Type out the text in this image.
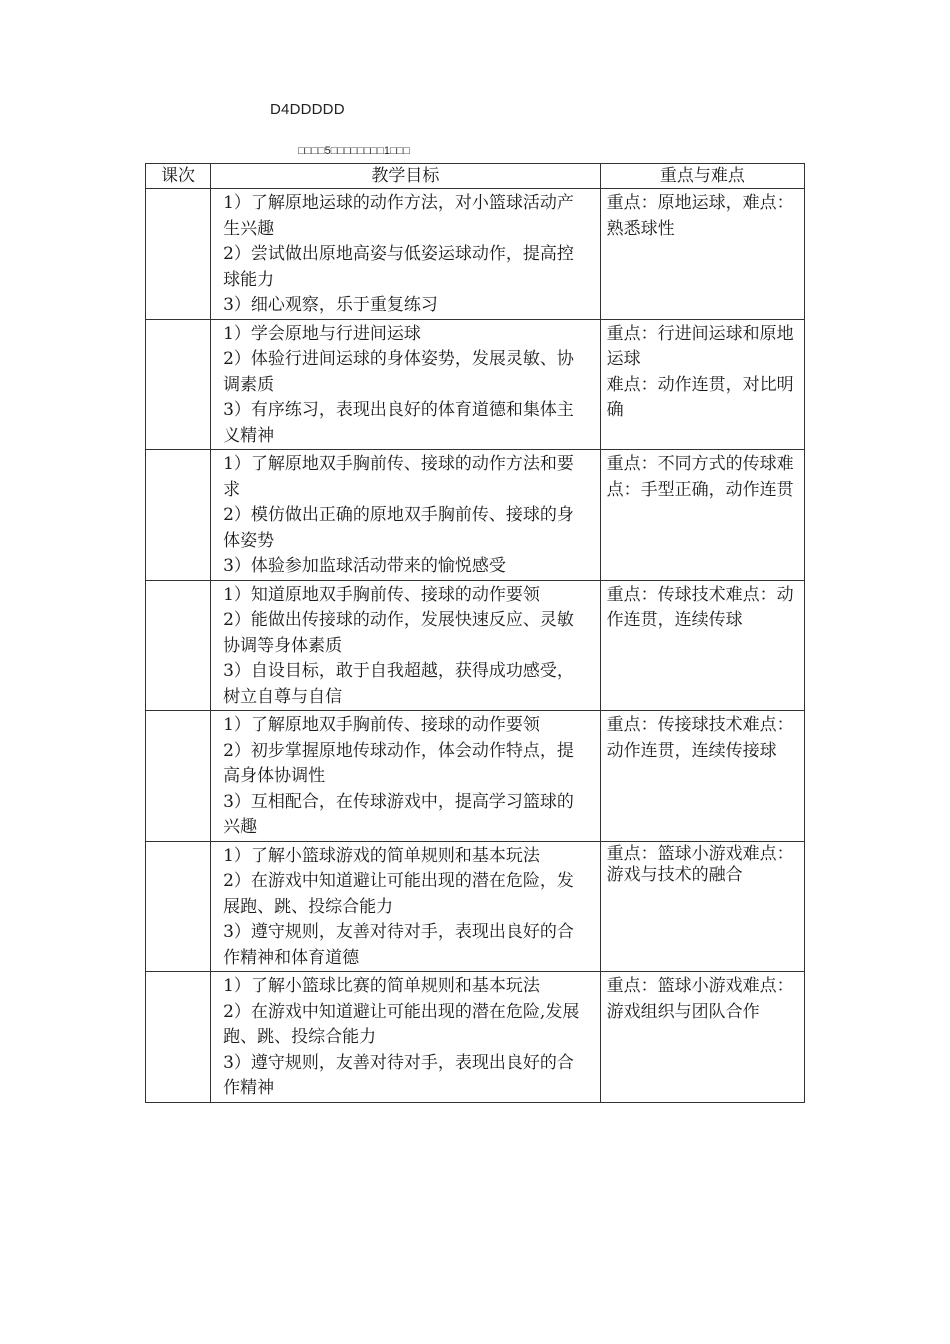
D4DDDDD
□□□□5□□□□□□□□1□□□
课次	教学目标	重点与难点

	1）了解原地运球的动作方法，对小篮球活动产生兴趣
2）尝试做出原地高姿与低姿运球动作，提高控球能力
3）细心观察，乐于重复练习	重点：原地运球，难点：熟悉球性

	1）学会原地与行进间运球
2）体验行进间运球的身体姿势，发展灵敏、协调素质
3）有序练习，表现出良好的体育道德和集体主义精神	重点：行进间运球和原地运球
难点：动作连贯，对比明确

	1）了解原地双手胸前传、接球的动作方法和要求
2）模仿做出正确的原地双手胸前传、接球的身体姿势
3）体验参加监球活动带来的愉悦感受	重点：不同方式的传球难点：手型正确，动作连贯

	1）知道原地双手胸前传、接球的动作要领
2）能做出传接球的动作，发展快速反应、灵敏协调等身体素质
3）自设目标，敢于自我超越，获得成功感受，树立自尊与自信	重点：传球技术难点：动作连贯，连续传球

	1）了解原地双手胸前传、接球的动作要领
2）初步掌握原地传球动作，体会动作特点，提高身体协调性
3）互相配合，在传球游戏中，提高学习篮球的兴趣	重点：传接球技术难点：动作连贯，连续传接球

	1）了解小篮球游戏的简单规则和基本玩法
2）在游戏中知道避让可能出现的潜在危险，发展跑、跳、投综合能力
3）遵守规则，友善对待对手，表现出良好的合作精神和体育道德	重点：篮球小游戏难点：游戏与技术的融合

	1）了解小篮球比赛的简单规则和基本玩法
2）在游戏中知道避让可能出现的潜在危险,发展跑、跳、投综合能力
3）遵守规则，友善对待对手，表现出良好的合作精神	重点：篮球小游戏难点：游戏组织与团队合作
